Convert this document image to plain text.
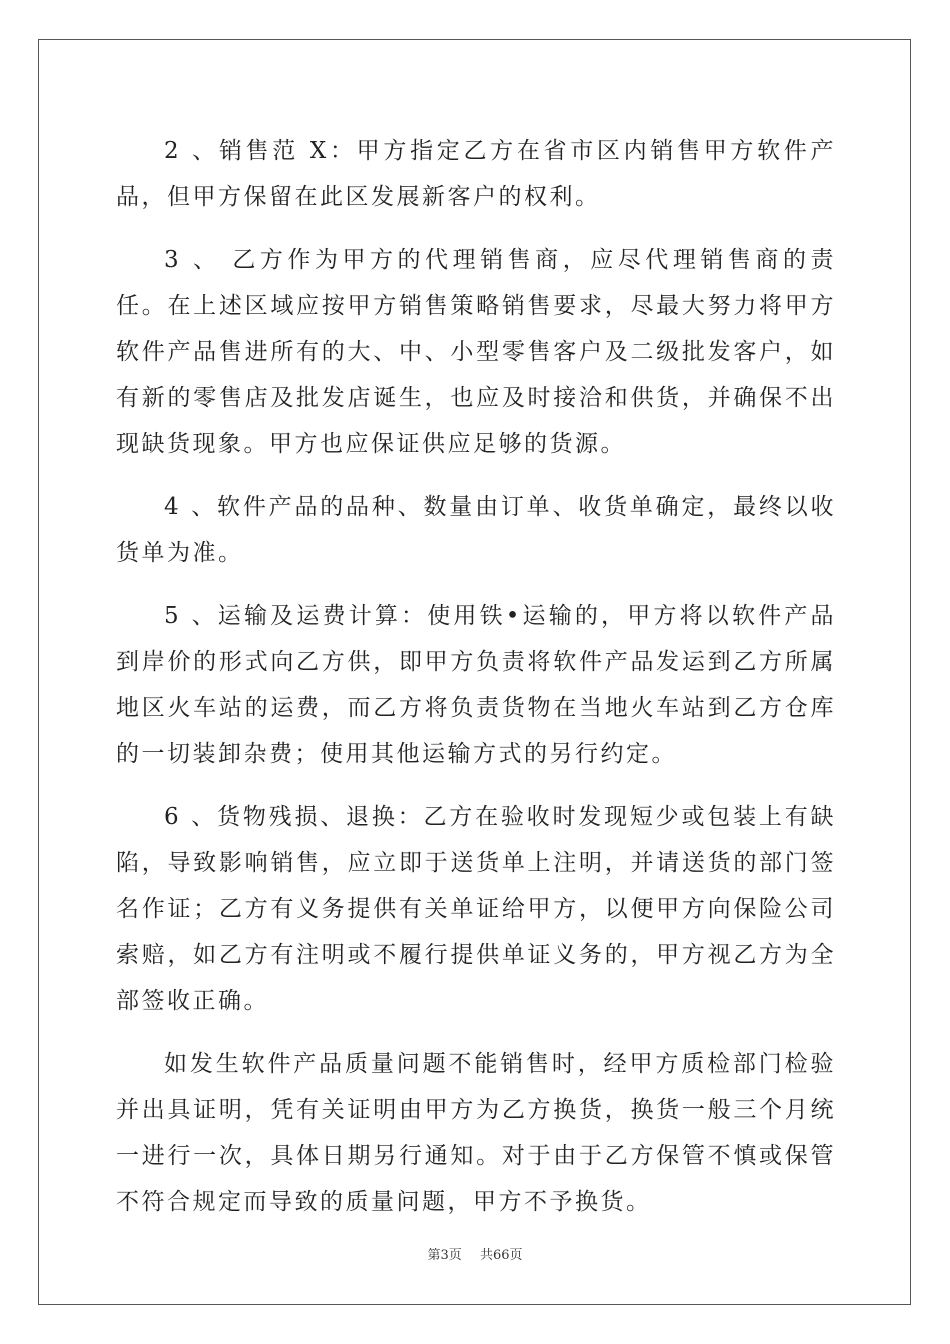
2 、销售范 X：甲方指定乙方在省市区内销售甲方软件产品，但甲方保留在此区发展新客户的权利。

3 、 乙方作为甲方的代理销售商，应尽代理销售商的责任。在上述区域应按甲方销售策略销售要求，尽最大努力将甲方软件产品售进所有的大、中、小型零售客户及二级批发客户，如有新的零售店及批发店诞生，也应及时接洽和供货，并确保不出现缺货现象。甲方也应保证供应足够的货源。

4 、软件产品的品种、数量由订单、收货单确定，最终以收货单为准。

5 、运输及运费计算：使用铁•运输的，甲方将以软件产品到岸价的形式向乙方供，即甲方负责将软件产品发运到乙方所属地区火车站的运费，而乙方将负责货物在当地火车站到乙方仓库的一切装卸杂费；使用其他运输方式的另行约定。

6 、货物残损、退换：乙方在验收时发现短少或包装上有缺陷，导致影响销售，应立即于送货单上注明，并请送货的部门签名作证；乙方有义务提供有关单证给甲方，以便甲方向保险公司索赔，如乙方有注明或不履行提供单证义务的，甲方视乙方为全部签收正确。

如发生软件产品质量问题不能销售时，经甲方质检部门检验并出具证明，凭有关证明由甲方为乙方换货，换货一般三个月统一进行一次，具体日期另行通知。对于由于乙方保管不慎或保管不符合规定而导致的质量问题，甲方不予换货。

第3页 共66页
